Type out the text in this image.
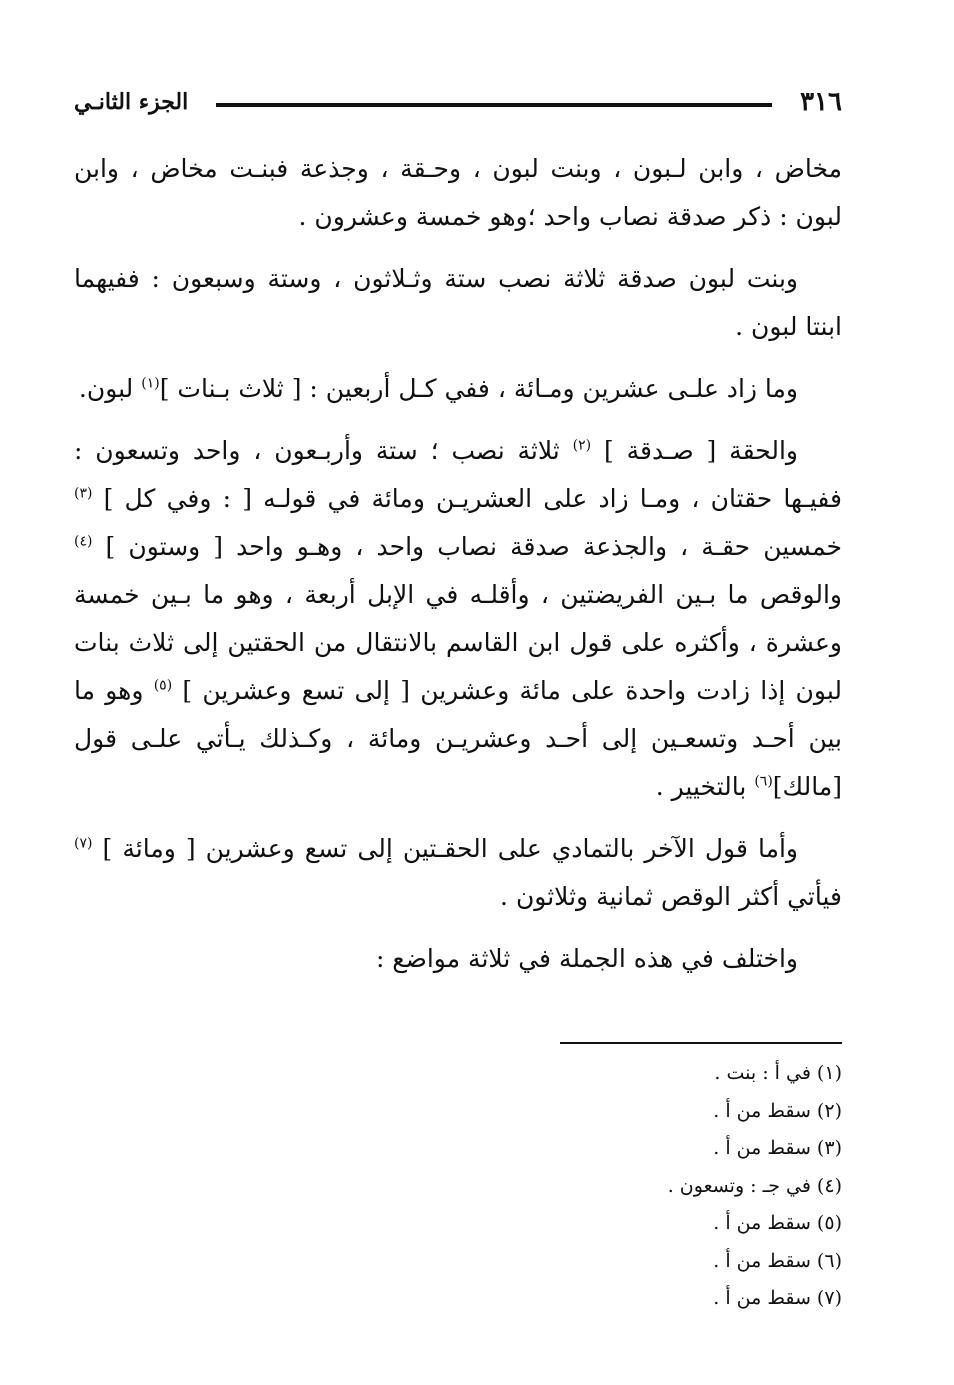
٣١٦
الجزء الثانـي

مخاض ، وابن لـبون ، وبنت لبون ، وحـقة ، وجذعة فبنـت مخاض ، وابن لبون : ذكر صدقة نصاب واحد ؛وهو خمسة وعشرون .

وبنت لبون صدقة ثلاثة نصب ستة وثـلاثون ، وستة وسبعون : ففيهما ابنتا لبون .

وما زاد علـى عشرين ومـائة ، ففي كـل أربعين : [ ثلاث بـنات ]$^{(١)}$ لبون.

والحقة [ صـدقة ] $^{(٢)}$ ثلاثة نصب ؛ ستة وأربـعون ، واحد وتسعون : ففيـها حقتان ، ومـا زاد على العشريـن ومائة في قولـه [ : وفي كل ] $^{(٣)}$ خمسين حقـة ، والجذعة صدقة نصاب واحد ، وهـو واحد [ وستون ] $^{(٤)}$ والوقص ما بـين الفريضتين ، وأقلـه في الإبل أربعة ، وهو ما بـين خمسة وعشرة ، وأكثره على قول ابن القاسم بالانتقال من الحقتين إلى ثلاث بنات لبون إذا زادت واحدة على مائة وعشرين [ إلى تسع وعشرين ] $^{(٥)}$ وهو ما بين أحـد وتسعـين إلى أحـد وعشريـن ومائة ، وكـذلك يـأتي علـى قول [مالك]$^{(٦)}$ بالتخيير .

وأما قول الآخر بالتمادي على الحقـتين إلى تسع وعشرين [ ومائة ] $^{(٧)}$ فيأتي أكثر الوقص ثمانية وثلاثون .

واختلف في هذه الجملة في ثلاثة مواضع :

(١) في أ : بنت .
(٢) سقط من أ .
(٣) سقط من أ .
(٤) في جـ : وتسعون .
(٥) سقط من أ .
(٦) سقط من أ .
(٧) سقط من أ .
